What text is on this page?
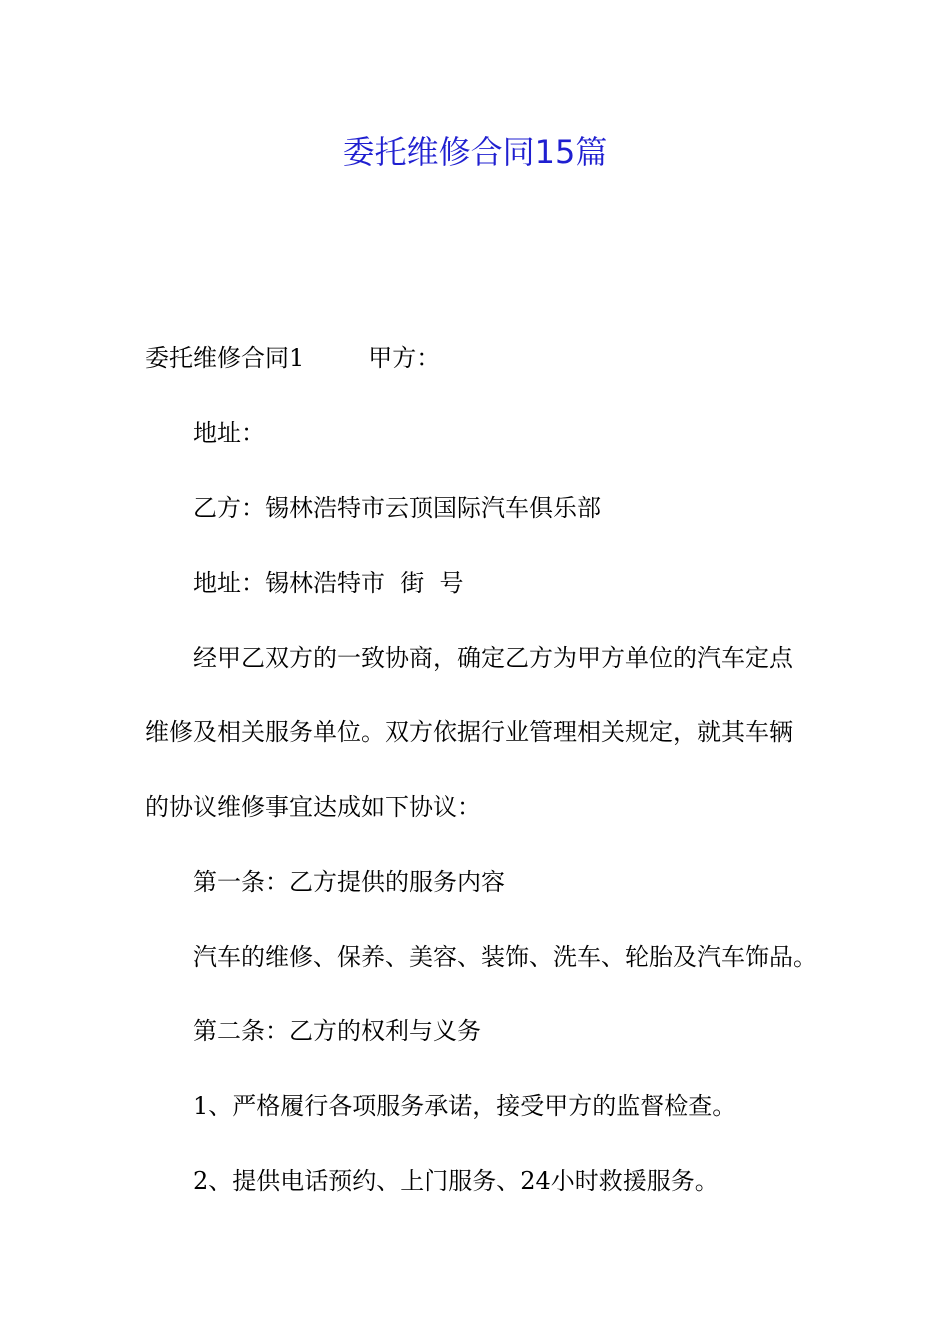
委托维修合同15篇
委托维修合同1	甲方：
地址：
乙方：锡林浩特市云顶国际汽车俱乐部
地址：锡林浩特市  街  号
经甲乙双方的一致协商，确定乙方为甲方单位的汽车定点
维修及相关服务单位。双方依据行业管理相关规定，就其车辆
的协议维修事宜达成如下协议：
第一条：乙方提供的服务内容
汽车的维修、保养、美容、装饰、洗车、轮胎及汽车饰品。
第二条：乙方的权利与义务
1、严格履行各项服务承诺，接受甲方的监督检查。
2、提供电话预约、上门服务、24小时救援服务。
